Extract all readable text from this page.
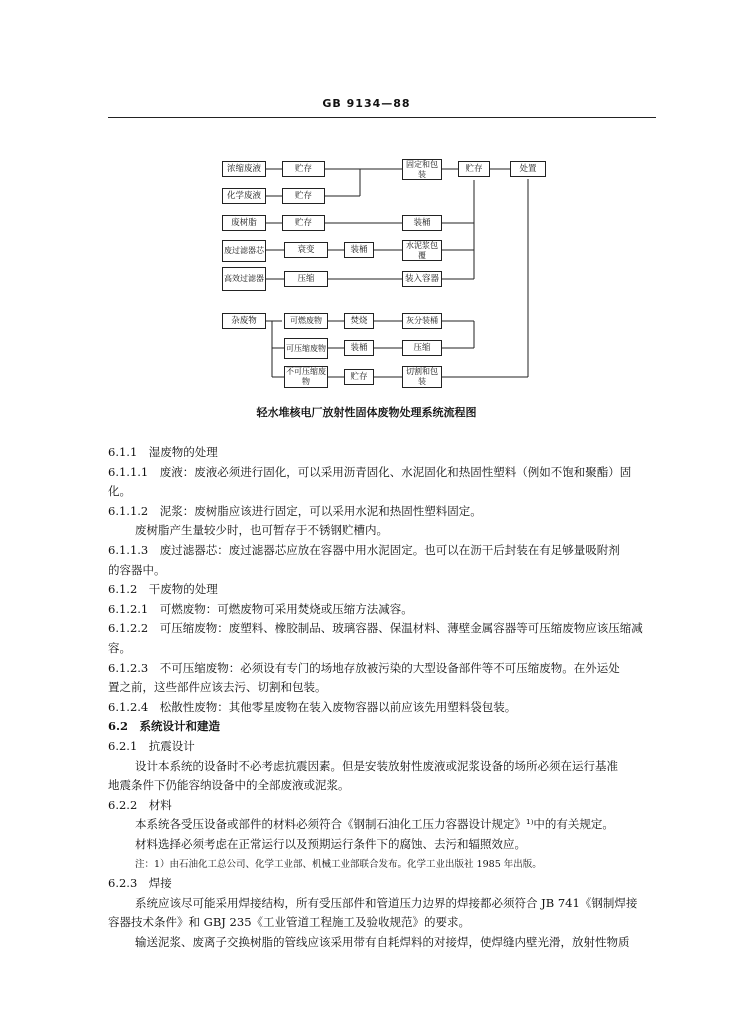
GB 9134—88
浓缩废液
化学废液
废树脂
废过滤器芯
高效过滤器
杂废物
贮存
贮存
贮存
衰变
压缩
装桶
固定和包装	贮存	处置
装桶
水泥浆包覆
装入容器
可燃废物
可压缩废物
不可压缩废物
焚烧
装桶
贮存
灰分装桶
压缩
切割和包装
轻水堆核电厂放射性固体废物处理系统流程图
6.1.1　湿废物的处理
6.1.1.1　废液：废液必须进行固化，可以采用沥青固化、水泥固化和热固性塑料（例如不饱和聚酯）固
化。
6.1.1.2　泥浆：废树脂应该进行固定，可以采用水泥和热固性塑料固定。
废树脂产生量较少时，也可暂存于不锈钢贮槽内。
6.1.1.3　废过滤器芯：废过滤器芯应放在容器中用水泥固定。也可以在沥干后封装在有足够量吸附剂
的容器中。
6.1.2　干废物的处理
6.1.2.1　可燃废物：可燃废物可采用焚烧或压缩方法减容。
6.1.2.2　可压缩废物：废塑料、橡胶制品、玻璃容器、保温材料、薄壁金属容器等可压缩废物应该压缩减
容。
6.1.2.3　不可压缩废物：必须设有专门的场地存放被污染的大型设备部件等不可压缩废物。在外运处
置之前，这些部件应该去污、切割和包装。
6.1.2.4　松散性废物：其他零星废物在装入废物容器以前应该先用塑料袋包装。
6.2　系统设计和建造
6.2.1　抗震设计
设计本系统的设备时不必考虑抗震因素。但是安装放射性废液或泥浆设备的场所必须在运行基准
地震条件下仍能容纳设备中的全部废液或泥浆。
6.2.2　材料
本系统各受压设备或部件的材料必须符合《钢制石油化工压力容器设计规定》¹⁾中的有关规定。
材料选择必须考虑在正常运行以及预期运行条件下的腐蚀、去污和辐照效应。
注：1）由石油化工总公司、化学工业部、机械工业部联合发布。化学工业出版社 1985 年出版。
6.2.3　焊接
系统应该尽可能采用焊接结构，所有受压部件和管道压力边界的焊接都必须符合 JB 741《钢制焊接
容器技术条件》和 GBJ 235《工业管道工程施工及验收规范》的要求。
输送泥浆、废离子交换树脂的管线应该采用带有自耗焊料的对接焊，使焊缝内壁光滑，放射性物质
